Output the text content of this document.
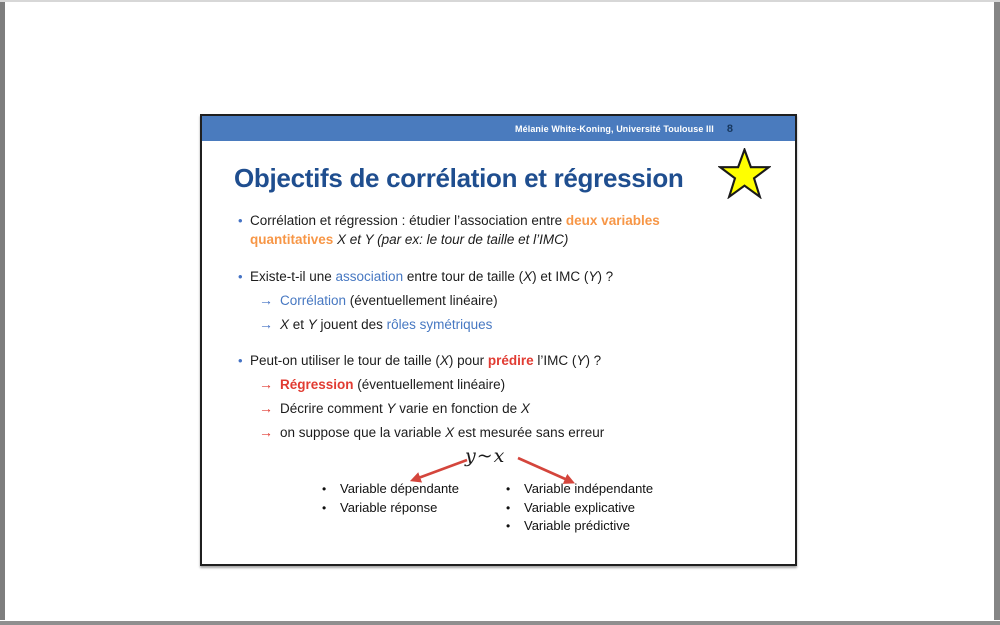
Mélanie White-Koning, Université Toulouse III 8
Objectifs de corrélation et régression
• Corrélation et régression : étudier l’association entre deux variables
quantitatives X et Y (par ex: le tour de taille et l’IMC)
• Existe-t-il une association entre tour de taille (X) et IMC (Y) ?
→ Corrélation (éventuellement linéaire)
→ X et Y jouent des rôles symétriques
• Peut-on utiliser le tour de taille (X) pour prédire l’IMC (Y) ?
→ Régression (éventuellement linéaire)
→ Décrire comment Y varie en fonction de X
→ on suppose que la variable X est mesurée sans erreur
y~x
•	Variable dépendante
•	Variable réponse
•	Variable indépendante
•	Variable explicative
•	Variable prédictive
